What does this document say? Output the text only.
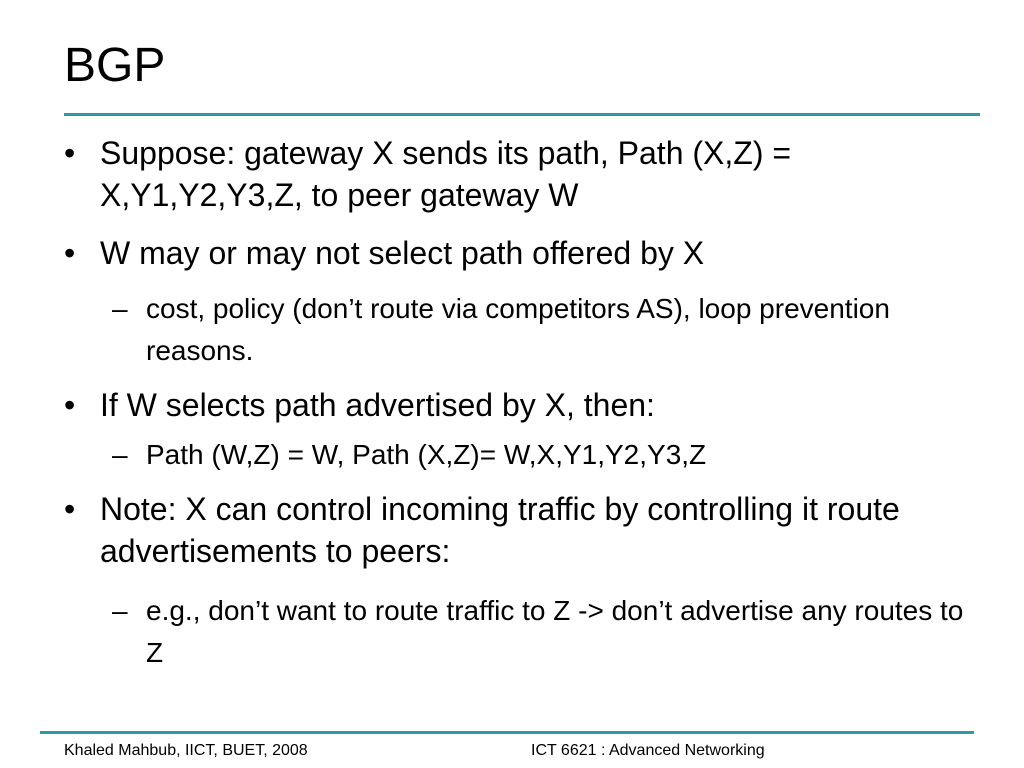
BGP
• Suppose: gateway X sends its path, Path (X,Z) = X,Y1,Y2,Y3,Z, to peer gateway W
• W may or may not select path offered by X
– cost, policy (don’t route via competitors AS), loop prevention reasons.
• If W selects path advertised by X, then:
– Path (W,Z) = W, Path (X,Z)= W,X,Y1,Y2,Y3,Z
• Note: X can control incoming traffic by controlling it route advertisements to peers:
– e.g., don’t want to route traffic to Z -> don’t advertise any routes to Z
Khaled Mahbub, IICT, BUET, 2008	ICT 6621 : Advanced Networking
